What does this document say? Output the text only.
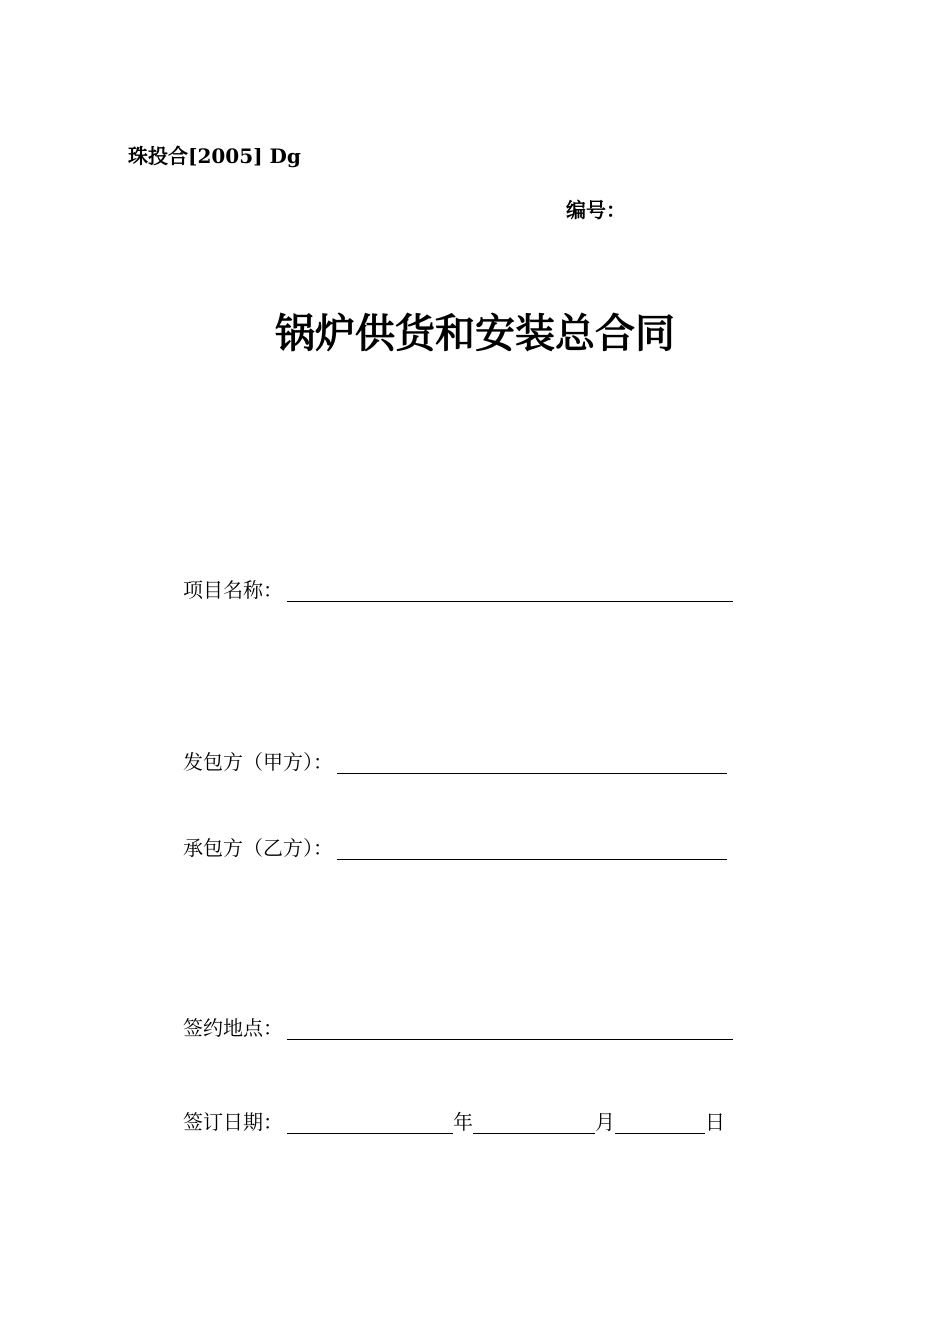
珠投合[2005] Dg
编号：
锅炉供货和安装总合同
项目名称：
发包方（甲方）：
承包方（乙方）：
签约地点：
签订日期：	年	月	日
